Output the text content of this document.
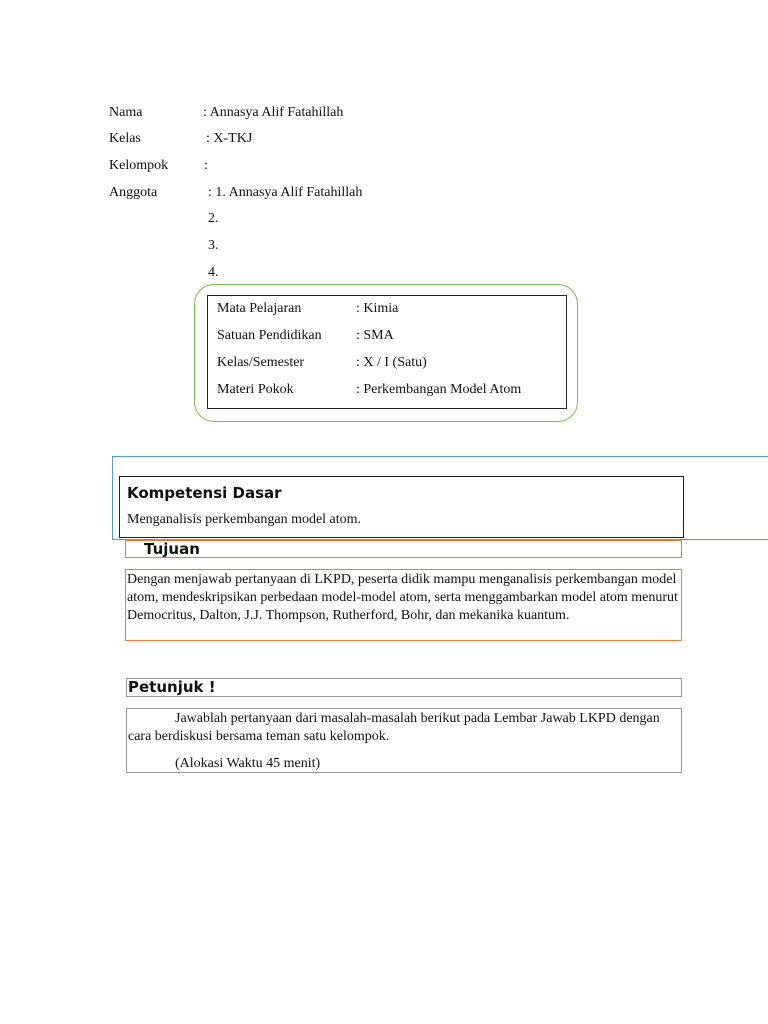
Nama	: Annasya Alif Fatahillah
Kelas	: X-TKJ
Kelompok	:
Anggota	: 1. Annasya Alif Fatahillah
2.
3.
4.
Mata Pelajaran	: Kimia
Satuan Pendidikan : SMA
Kelas/Semester	: X / I (Satu)
Materi Pokok	: Perkembangan Model Atom
Kompetensi Dasar
Menganalisis perkembangan model atom.
Tujuan
Dengan menjawab pertanyaan di LKPD, peserta didik mampu menganalisis perkembangan model atom, mendeskripsikan perbedaan model-model atom, serta menggambarkan model atom menurut Democritus, Dalton, J.J. Thompson, Rutherford, Bohr, dan mekanika kuantum.
Petunjuk !
Jawablah pertanyaan dari masalah-masalah berikut pada Lembar Jawab LKPD dengan cara berdiskusi bersama teman satu kelompok.
(Alokasi Waktu 45 menit)
